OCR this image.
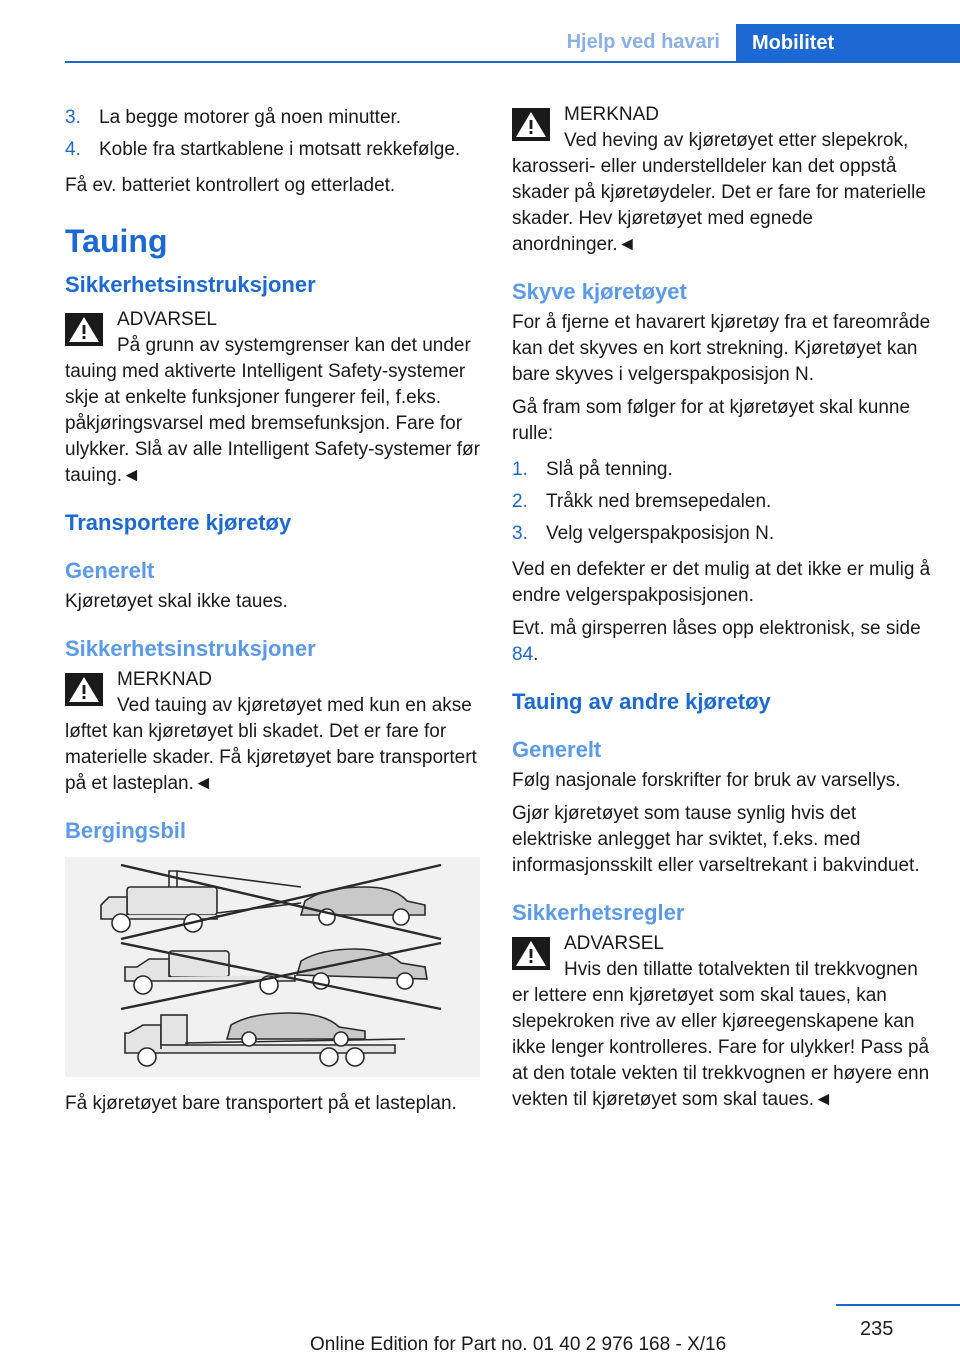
Hjelp ved havari	Mobilitet
3. La begge motorer gå noen minutter.
4. Koble fra startkablene i motsatt rekkefølge.

Få ev. batteriet kontrollert og etterladet.

Tauing
Sikkerhetsinstruksjoner
ADVARSEL
På grunn av systemgrenser kan det under tauing med aktiverte Intelligent Safety-systemer skje at enkelte funksjoner fungerer feil, f.eks. påkjøringsvarsel med bremsefunksjon. Fare for ulykker. Slå av alle Intelligent Safety-systemer før tauing.◄
Transportere kjøretøy
Generelt

Kjøretøyet skal ikke taues.

Sikkerhetsinstruksjoner
MERKNAD
Ved tauing av kjøretøyet med kun en akse løftet kan kjøretøyet bli skadet. Det er fare for materielle skader. Få kjøretøyet bare transportert på et lasteplan.◄
Bergingsbil

Få kjøretøyet bare transportert på et lasteplan.

MERKNAD
Ved heving av kjøretøyet etter slepekrok, karosseri- eller understelldeler kan det oppstå skader på kjøretøydeler. Det er fare for materielle skader. Hev kjøretøyet med egnede anordninger.◄
Skyve kjøretøyet

For å fjerne et havarert kjøretøy fra et fareområde kan det skyves en kort strekning. Kjøretøyet kan bare skyves i velgerspakposisjon N.

Gå fram som følger for at kjøretøyet skal kunne rulle:

1. Slå på tenning.
2. Tråkk ned bremsepedalen.
3. Velg velgerspakposisjon N.

Ved en defekter er det mulig at det ikke er mulig å endre velgerspakposisjonen.

Evt. må girsperren låses opp elektronisk, se side 84.

Tauing av andre kjøretøy
Generelt

Følg nasjonale forskrifter for bruk av varsellys.

Gjør kjøretøyet som tause synlig hvis det elektriske anlegget har sviktet, f.eks. med informasjonsskilt eller varseltrekant i bakvinduet.

Sikkerhetsregler
ADVARSEL
Hvis den tillatte totalvekten til trekkvognen er lettere enn kjøretøyet som skal taues, kan slepekroken rive av eller kjøreegenskapene kan ikke lenger kontrolleres. Fare for ulykker! Pass på at den totale vekten til trekkvognen er høyere enn vekten til kjøretøyet som skal taues.◄
235
Online Edition for Part no. 01 40 2 976 168 - X/16
